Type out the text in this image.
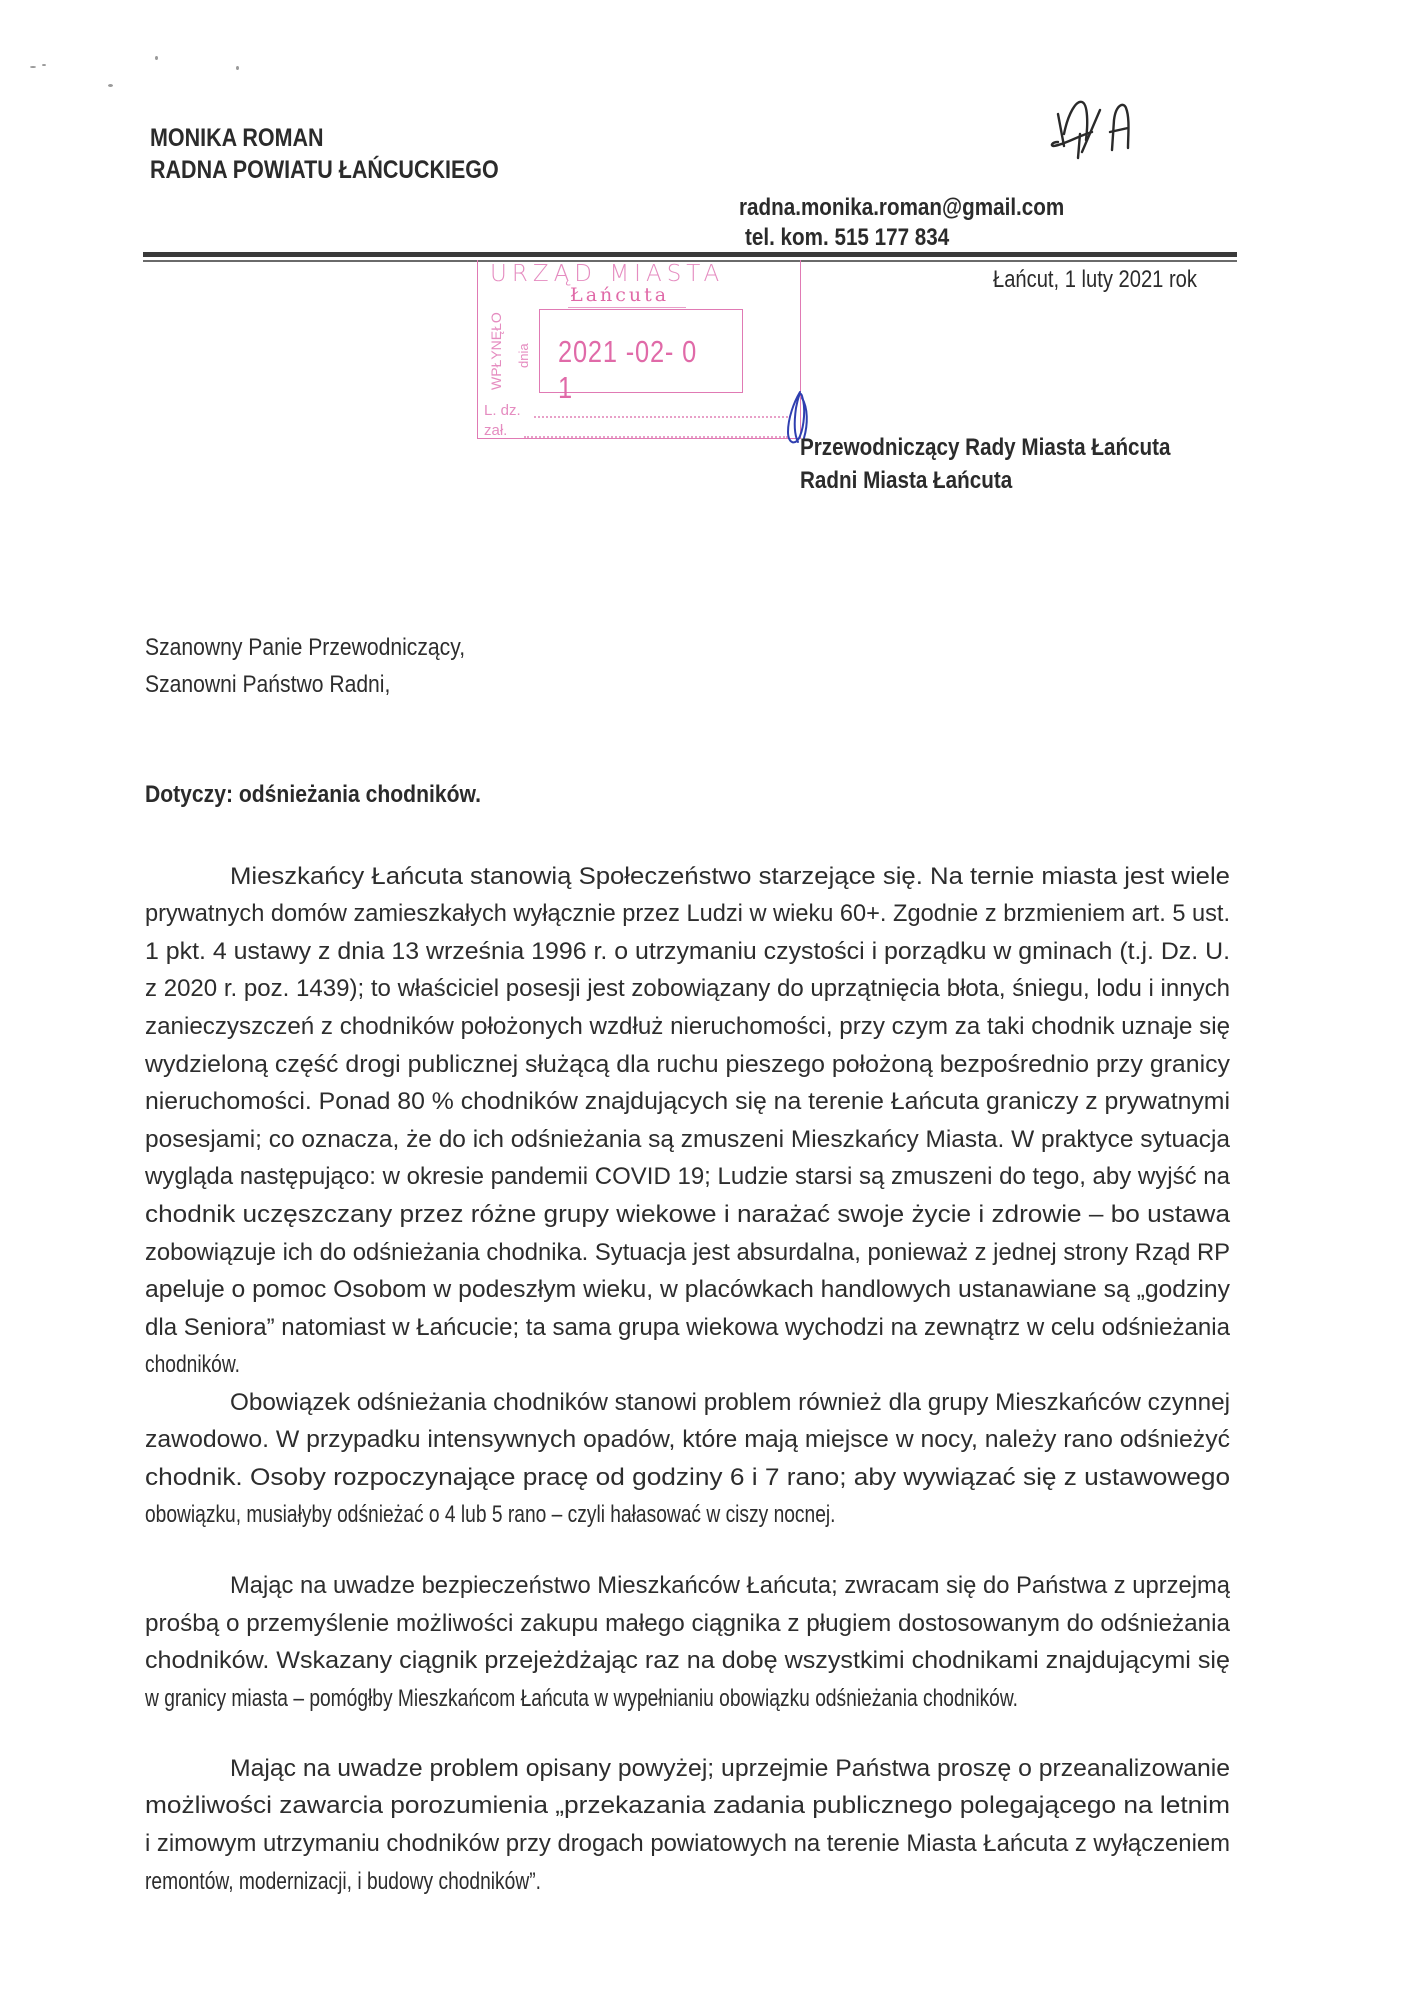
MONIKA ROMAN
RADNA POWIATU ŁAŃCUCKIEGO
radna.monika.roman@gmail.com
tel. kom. 515 177 834
Łańcut, 1 luty 2021 rok
URZĄD MIASTA
Łańcuta
WPŁYNĘŁO dnia 2021 -02- 0 1
L. dz.
zał.
Przewodniczący Rady Miasta Łańcuta
Radni Miasta Łańcuta
Szanowny Panie Przewodniczący,
Szanowni Państwo Radni,
Dotyczy: odśnieżania chodników.
Mieszkańcy Łańcuta stanowią Społeczeństwo starzejące się. Na ternie miasta jest wiele
prywatnych domów zamieszkałych wyłącznie przez Ludzi w wieku 60+. Zgodnie z brzmieniem art. 5 ust.
1 pkt. 4 ustawy z dnia 13 września 1996 r. o utrzymaniu czystości i porządku w gminach (t.j. Dz. U.
z 2020 r. poz. 1439); to właściciel posesji jest zobowiązany do uprzątnięcia błota, śniegu, lodu i innych
zanieczyszczeń z chodników położonych wzdłuż nieruchomości, przy czym za taki chodnik uznaje się
wydzieloną część drogi publicznej służącą dla ruchu pieszego położoną bezpośrednio przy granicy
nieruchomości. Ponad 80 % chodników znajdujących się na terenie Łańcuta graniczy z prywatnymi
posesjami; co oznacza, że do ich odśnieżania są zmuszeni Mieszkańcy Miasta. W praktyce sytuacja
wygląda następująco: w okresie pandemii COVID 19; Ludzie starsi są zmuszeni do tego, aby wyjść na
chodnik uczęszczany przez różne grupy wiekowe i narażać swoje życie i zdrowie – bo ustawa
zobowiązuje ich do odśnieżania chodnika. Sytuacja jest absurdalna, ponieważ z jednej strony Rząd RP
apeluje o pomoc Osobom w podeszłym wieku, w placówkach handlowych ustanawiane są „godziny
dla Seniora” natomiast w Łańcucie; ta sama grupa wiekowa wychodzi na zewnątrz w celu odśnieżania
chodników.
Obowiązek odśnieżania chodników stanowi problem również dla grupy Mieszkańców czynnej
zawodowo. W przypadku intensywnych opadów, które mają miejsce w nocy, należy rano odśnieżyć
chodnik. Osoby rozpoczynające pracę od godziny 6 i 7 rano; aby wywiązać się z ustawowego
obowiązku, musiałyby odśnieżać o 4 lub 5 rano – czyli hałasować w ciszy nocnej.
Mając na uwadze bezpieczeństwo Mieszkańców Łańcuta; zwracam się do Państwa z uprzejmą
prośbą o przemyślenie możliwości zakupu małego ciągnika z pługiem dostosowanym do odśnieżania
chodników. Wskazany ciągnik przejeżdżając raz na dobę wszystkimi chodnikami znajdującymi się
w granicy miasta – pomógłby Mieszkańcom Łańcuta w wypełnianiu obowiązku odśnieżania chodników.
Mając na uwadze problem opisany powyżej; uprzejmie Państwa proszę o przeanalizowanie
możliwości zawarcia porozumienia „przekazania zadania publicznego polegającego na letnim
i zimowym utrzymaniu chodników przy drogach powiatowych na terenie Miasta Łańcuta z wyłączeniem
remontów, modernizacji, i budowy chodników”.
